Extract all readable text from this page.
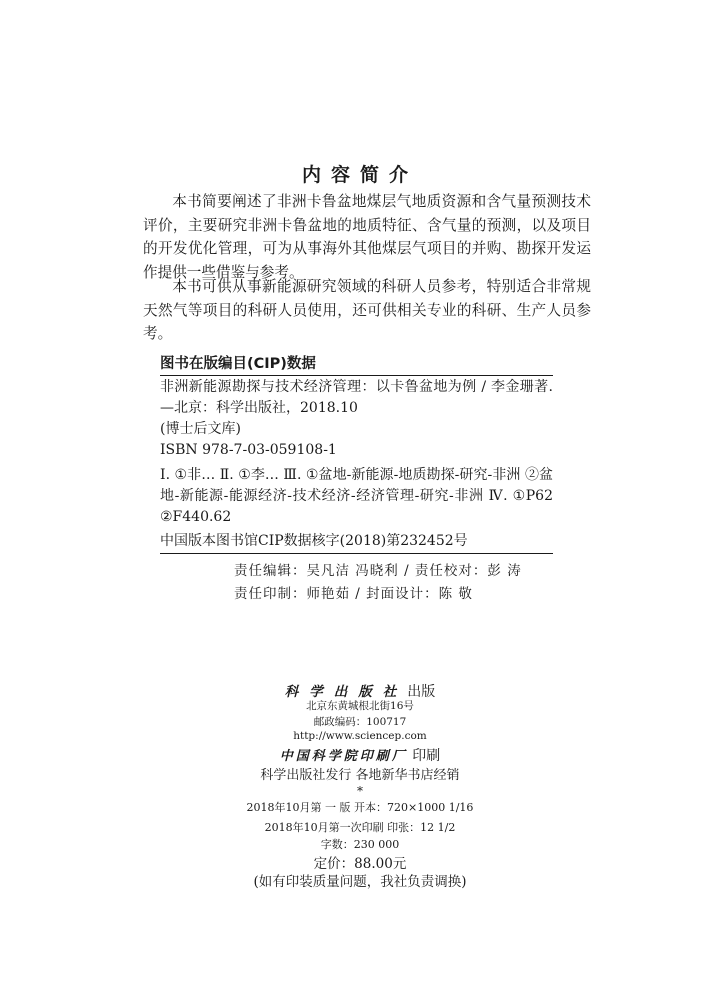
内容简介

本书简要阐述了非洲卡鲁盆地煤层气地质资源和含气量预测技术评价，主要研究非洲卡鲁盆地的地质特征、含气量的预测，以及项目的开发优化管理，可为从事海外其他煤层气项目的并购、勘探开发运作提供一些借鉴与参考。

本书可供从事新能源研究领域的科研人员参考，特别适合非常规天然气等项目的科研人员使用，还可供相关专业的科研、生产人员参考。

图书在版编目(CIP)数据
非洲新能源勘探与技术经济管理：以卡鲁盆地为例 / 李金珊著. —北京：科学出版社，2018.10
(博士后文库)
ISBN 978-7-03-059108-1
Ⅰ. ①非… Ⅱ. ①李… Ⅲ. ①盆地-新能源-地质勘探-研究-非洲 ②盆地-新能源-能源经济-技术经济-经济管理-研究-非洲 Ⅳ. ①P62 ②F440.62
中国版本图书馆CIP数据核字(2018)第232452号
责任编辑：吴凡洁 冯晓利 / 责任校对：彭 涛
责任印制：师艳茹 / 封面设计：陈 敬
科学出版社出版
北京东黄城根北街16号
邮政编码：100717
http://www.sciencep.com
中国科学院印刷厂 印刷
科学出版社发行 各地新华书店经销
*
2018年10月第 一 版 开本：720×1000 1/16
2018年10月第一次印刷 印张：12 1/2
字数：230 000
定价：88.00元
(如有印装质量问题，我社负责调换)
